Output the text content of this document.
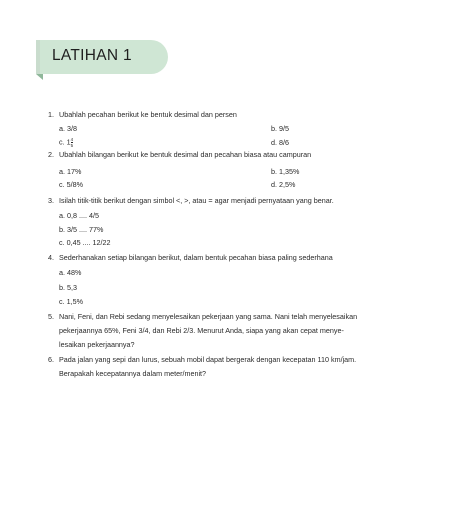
LATIHAN 1
1. Ubahlah pecahan berikut ke bentuk desimal dan persen
a. 3/8	b. 9/5
c. $1 \frac{4}{5}$	d. 8/6
2. Ubahlah bilangan berikut ke bentuk desimal dan pecahan biasa atau campuran
a. 17%	b. 1,35%
c. 5/8%	d. 2,5%
3. Isilah titik-titik berikut dengan simbol <, >, atau = agar menjadi pernyataan yang benar.
a. 0,8 .... 4/5
b. 3/5 .... 77%
c. 0,45 .... 12/22
4. Sederhanakan setiap bilangan berikut, dalam bentuk pecahan biasa paling sederhana
a. 48%
b. 5,3
c. 1,5%
5. Nani, Feni, dan Rebi sedang menyelesaikan pekerjaan yang sama. Nani telah menyelesaikan
pekerjaannya 65%, Feni 3/4, dan Rebi 2/3. Menurut Anda, siapa yang akan cepat menye-
lesaikan pekerjaannya?
6. Pada jalan yang sepi dan lurus, sebuah mobil dapat bergerak dengan kecepatan 110 km/jam.
Berapakah kecepatannya dalam meter/menit?
